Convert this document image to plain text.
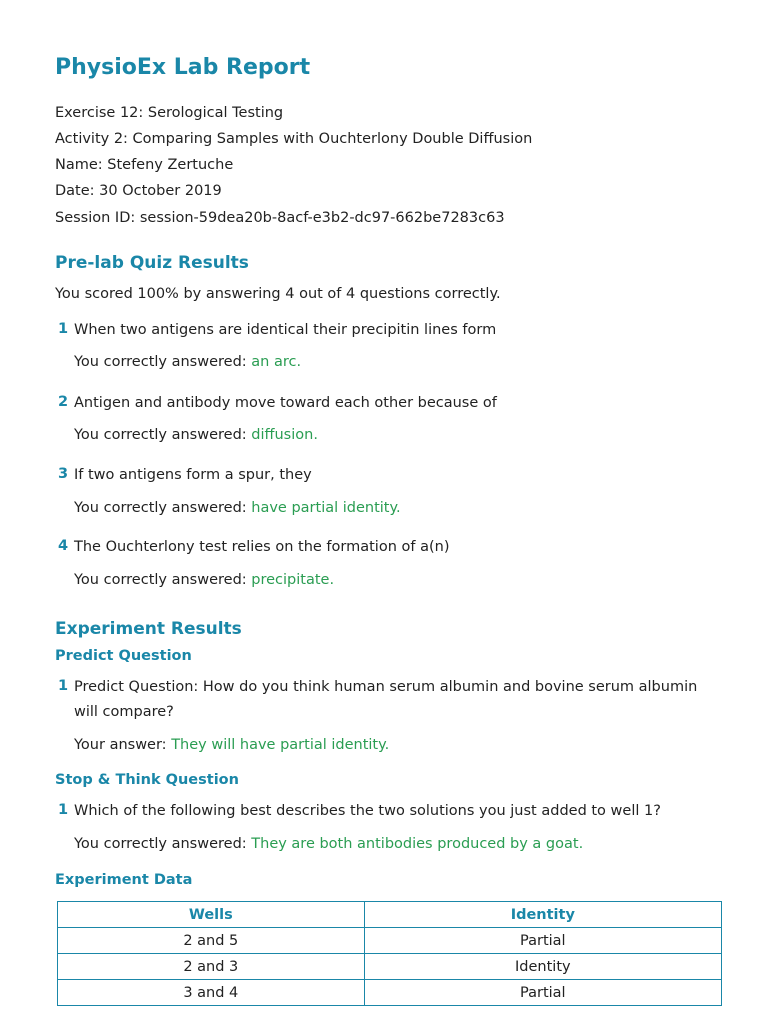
PhysioEx Lab Report
Exercise 12: Serological Testing
Activity 2: Comparing Samples with Ouchterlony Double Diffusion
Name: Stefeny Zertuche
Date: 30 October 2019
Session ID: session-59dea20b-8acf-e3b2-dc97-662be7283c63
Pre-lab Quiz Results
You scored 100% by answering 4 out of 4 questions correctly.
1 When two antigens are identical their precipitin lines form
You correctly answered: an arc.
2 Antigen and antibody move toward each other because of
You correctly answered: diffusion.
3 If two antigens form a spur, they
You correctly answered: have partial identity.
4 The Ouchterlony test relies on the formation of a(n)
You correctly answered: precipitate.
Experiment Results
Predict Question
1 Predict Question: How do you think human serum albumin and bovine serum albumin will compare?
Your answer: They will have partial identity.
Stop & Think Question
1 Which of the following best describes the two solutions you just added to well 1?
You correctly answered: They are both antibodies produced by a goat.
Experiment Data
Wells	Identity
2 and 5	Partial
2 and 3	Identity
3 and 4	Partial
